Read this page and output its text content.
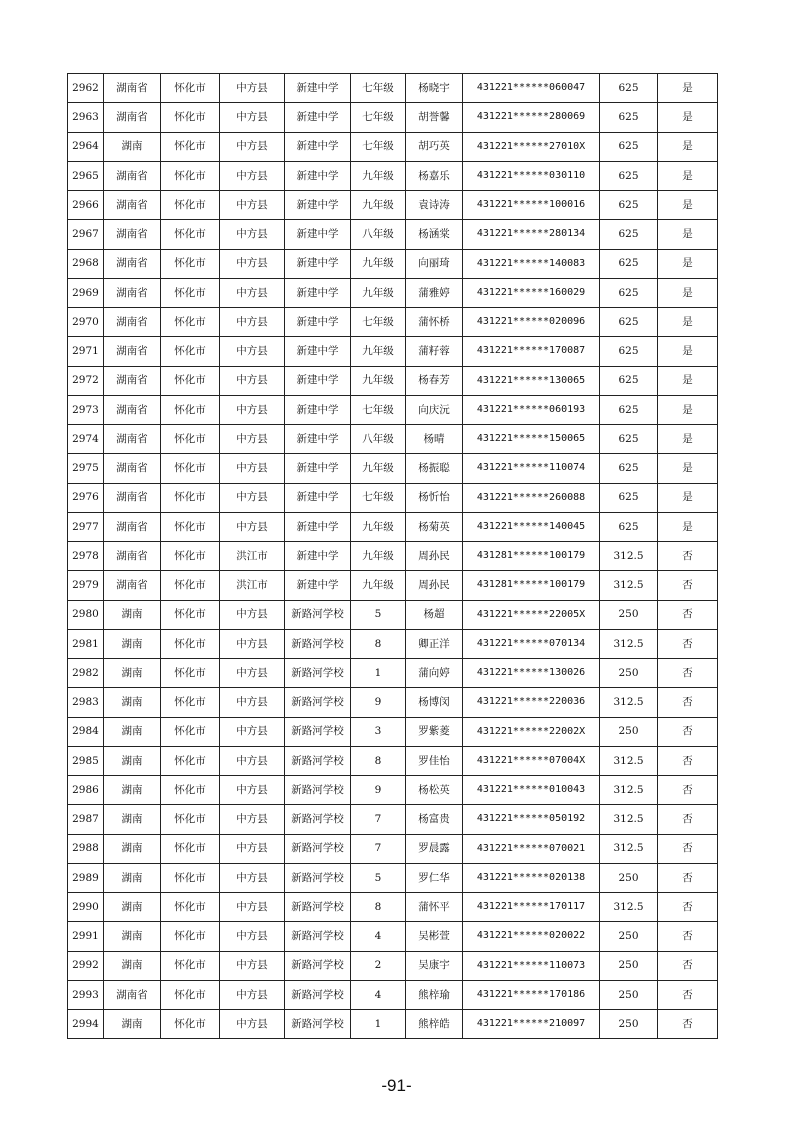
2962	湖南省	怀化市	中方县	新建中学	七年级	杨晓宇	431221******060047	625	是
2963	湖南省	怀化市	中方县	新建中学	七年级	胡誉馨	431221******280069	625	是
2964	湖南	怀化市	中方县	新建中学	七年级	胡巧英	431221******27010X	625	是
2965	湖南省	怀化市	中方县	新建中学	九年级	杨嘉乐	431221******030110	625	是
2966	湖南省	怀化市	中方县	新建中学	九年级	袁诗涛	431221******100016	625	是
2967	湖南省	怀化市	中方县	新建中学	八年级	杨涵棠	431221******280134	625	是
2968	湖南省	怀化市	中方县	新建中学	九年级	向丽琦	431221******140083	625	是
2969	湖南省	怀化市	中方县	新建中学	九年级	蒲雅婷	431221******160029	625	是
2970	湖南省	怀化市	中方县	新建中学	七年级	蒲怀桥	431221******020096	625	是
2971	湖南省	怀化市	中方县	新建中学	九年级	蒲籽蓉	431221******170087	625	是
2972	湖南省	怀化市	中方县	新建中学	九年级	杨春芳	431221******130065	625	是
2973	湖南省	怀化市	中方县	新建中学	七年级	向庆沅	431221******060193	625	是
2974	湖南省	怀化市	中方县	新建中学	八年级	杨晴	431221******150065	625	是
2975	湖南省	怀化市	中方县	新建中学	九年级	杨振聪	431221******110074	625	是
2976	湖南省	怀化市	中方县	新建中学	七年级	杨忻怡	431221******260088	625	是
2977	湖南省	怀化市	中方县	新建中学	九年级	杨菊英	431221******140045	625	是
2978	湖南省	怀化市	洪江市	新建中学	九年级	周孙民	431281******100179	312.5	否
2979	湖南省	怀化市	洪江市	新建中学	九年级	周孙民	431281******100179	312.5	否
2980	湖南	怀化市	中方县	新路河学校	5	杨超	431221******22005X	250	否
2981	湖南	怀化市	中方县	新路河学校	8	卿正洋	431221******070134	312.5	否
2982	湖南	怀化市	中方县	新路河学校	1	蒲向婷	431221******130026	250	否
2983	湖南	怀化市	中方县	新路河学校	9	杨博闵	431221******220036	312.5	否
2984	湖南	怀化市	中方县	新路河学校	3	罗紫菱	431221******22002X	250	否
2985	湖南	怀化市	中方县	新路河学校	8	罗佳怡	431221******07004X	312.5	否
2986	湖南	怀化市	中方县	新路河学校	9	杨松英	431221******010043	312.5	否
2987	湖南	怀化市	中方县	新路河学校	7	杨富贵	431221******050192	312.5	否
2988	湖南	怀化市	中方县	新路河学校	7	罗晨露	431221******070021	312.5	否
2989	湖南	怀化市	中方县	新路河学校	5	罗仁华	431221******020138	250	否
2990	湖南	怀化市	中方县	新路河学校	8	蒲怀平	431221******170117	312.5	否
2991	湖南	怀化市	中方县	新路河学校	4	吴彬萱	431221******020022	250	否
2992	湖南	怀化市	中方县	新路河学校	2	吴康宇	431221******110073	250	否
2993	湖南省	怀化市	中方县	新路河学校	4	熊梓瑜	431221******170186	250	否
2994	湖南	怀化市	中方县	新路河学校	1	熊梓皓	431221******210097	250	否
-91-
